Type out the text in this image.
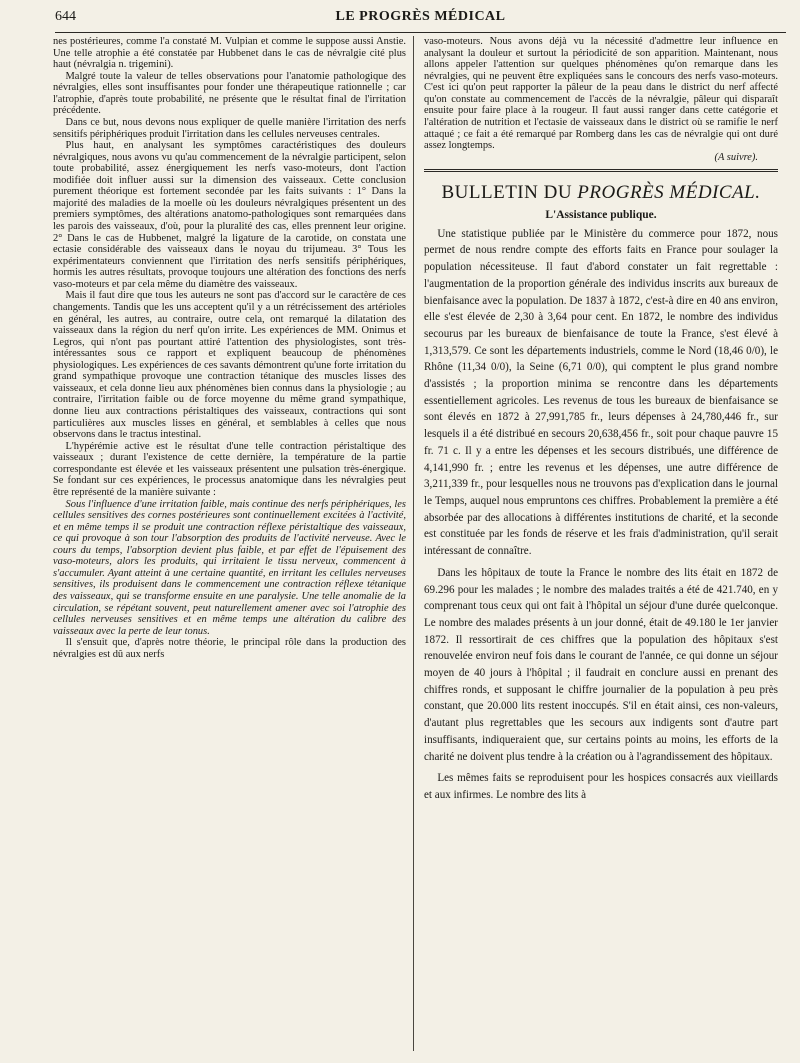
644	LE PROGRÈS MÉDICAL

nes postérieures, comme l'a constaté M. Vulpian et comme le suppose aussi Anstie. Une telle atrophie a été constatée par Hubbenet dans le cas de névralgie cité plus haut (névralgia n. trigemini).

Malgré toute la valeur de telles observations pour l'anatomie pathologique des névralgies, elles sont insuffisantes pour fonder une thérapeutique rationnelle ; car l'atrophie, d'après toute probabilité, ne présente que le résultat final de l'irritation précédente.

Dans ce but, nous devons nous expliquer de quelle manière l'irritation des nerfs sensitifs périphériques produit l'irritation dans les cellules nerveuses centrales.

Plus haut, en analysant les symptômes caractéristiques des douleurs névralgiques, nous avons vu qu'au commencement de la névralgie participent, selon toute probabilité, assez énergiquement les nerfs vaso-moteurs, dont l'action modifiée doit influer aussi sur la dimension des vaisseaux. Cette conclusion purement théorique est fortement secondée par les faits suivants : 1° Dans la majorité des maladies de la moelle où les douleurs névralgiques présentent un des premiers symptômes, des altérations anatomo-pathologiques sont remarquées dans les parois des vaisseaux, d'où, pour la pluralité des cas, elles prennent leur origine. 2° Dans le cas de Hubbenet, malgré la ligature de la carotide, on constata une ectasie considérable des vaisseaux dans le noyau du trijumeau. 3° Tous les expérimentateurs conviennent que l'irritation des nerfs sensitifs périphériques, hormis les autres résultats, provoque toujours une altération des fonctions des nerfs vaso-moteurs et par cela même du diamètre des vaisseaux.

Mais il faut dire que tous les auteurs ne sont pas d'accord sur le caractère de ces changements. Tandis que les uns acceptent qu'il y a un rétrécissement des artérioles en général, les autres, au contraire, outre cela, ont remarqué la dilatation des vaisseaux dans la région du nerf qu'on irrite. Les expériences de MM. Onimus et Legros, qui n'ont pas pourtant attiré l'attention des physiologistes, sont très-intéressantes sous ce rapport et expliquent beaucoup de phénomènes physiologiques. Les expériences de ces savants démontrent qu'une forte irritation du grand sympathique provoque une contraction tétanique des muscles lisses des vaisseaux, et cela donne lieu aux phénomènes bien connus dans la physiologie ; au contraire, l'irritation faible ou de force moyenne du même grand sympathique, donne lieu aux contractions péristaltiques des vaisseaux, contractions qui sont particulières aux muscles lisses en général, et semblables à celles que nous observons dans le tractus intestinal.

L'hypérémie active est le résultat d'une telle contraction péristaltique des vaisseaux ; durant l'existence de cette dernière, la température de la partie correspondante est élevée et les vaisseaux présentent une pulsation très-énergique. Se fondant sur ces expériences, le processus anatomique dans les névralgies peut être représenté de la manière suivante :

Sous l'influence d'une irritation faible, mais continue des nerfs périphériques, les cellules sensitives des cornes postérieures sont continuellement excitées à l'activité, et en même temps il se produit une contraction réflexe péristaltique des vaisseaux, ce qui provoque à son tour l'absorption des produits de l'activité nerveuse. Avec le cours du temps, l'absorption devient plus faible, et par effet de l'épuisement des vaso-moteurs, alors les produits, qui irritaient le tissu nerveux, commencent à s'accumuler. Ayant atteint à une certaine quantité, en irritant les cellules nerveuses sensitives, ils produisent dans le commencement une contraction réflexe tétanique des vaisseaux, qui se transforme ensuite en une paralysie. Une telle anomalie de la circulation, se répétant souvent, peut naturellement amener avec soi l'atrophie des cellules nerveuses sensitives et en même temps une altération du calibre des vaisseaux avec la perte de leur tonus.

Il s'ensuit que, d'après notre théorie, le principal rôle dans la production des névralgies est dû aux nerfs

vaso-moteurs. Nous avons déjà vu la nécessité d'admettre leur influence en analysant la douleur et surtout la périodicité de son apparition. Maintenant, nous allons appeler l'attention sur quelques phénomènes qu'on remarque dans les névralgies, qui ne peuvent être expliquées sans le concours des nerfs vaso-moteurs. C'est ici qu'on peut rapporter la pâleur de la peau dans le district du nerf affecté qu'on constate au commencement de l'accès de la névralgie, pâleur qui disparaît ensuite pour faire place à la rougeur. Il faut aussi ranger dans cette catégorie et l'altération de nutrition et l'ectasie de vaisseaux dans le district où se ramifie le nerf attaqué ; ce fait a été remarqué par Romberg dans les cas de névralgie qui ont duré assez longtemps.

(A suivre).
BULLETIN DU PROGRÈS MÉDICAL.
L'Assistance publique.

Une statistique publiée par le Ministère du commerce pour 1872, nous permet de nous rendre compte des efforts faits en France pour soulager la population nécessiteuse. Il faut d'abord constater un fait regrettable : l'augmentation de la proportion générale des individus inscrits aux bureaux de bienfaisance avec la population. De 1837 à 1872, c'est-à dire en 40 ans environ, elle s'est élevée de 2,30 à 3,64 pour cent. En 1872, le nombre des individus secourus par les bureaux de bienfaisance de toute la France, s'est élevé à 1,313,579. Ce sont les départements industriels, comme le Nord (18,46 0/0), le Rhône (11,34 0/0), la Seine (6,71 0/0), qui comptent le plus grand nombre d'assistés ; la proportion minima se rencontre dans les départements essentiellement agricoles. Les revenus de tous les bureaux de bienfaisance se sont élevés en 1872 à 27,991,785 fr., leurs dépenses à 24,780,446 fr., sur lesquels il a été distribué en secours 20,638,456 fr., soit pour chaque pauvre 15 fr. 71 c. Il y a entre les dépenses et les secours distribués, une différence de 4,141,990 fr. ; entre les revenus et les dépenses, une autre différence de 3,211,339 fr., pour lesquelles nous ne trouvons pas d'explication dans le journal le Temps, auquel nous empruntons ces chiffres. Probablement la première a été absorbée par des allocations à différentes institutions de charité, et la seconde est constituée par les fonds de réserve et les frais d'administration, qu'il serait intéressant de connaître.

Dans les hôpitaux de toute la France le nombre des lits était en 1872 de 69.296 pour les malades ; le nombre des malades traités a été de 421.740, en y comprenant tous ceux qui ont fait à l'hôpital un séjour d'une durée quelconque. Le nombre des malades présents à un jour donné, était de 49.180 le 1er janvier 1872. Il ressortirait de ces chiffres que la population des hôpitaux s'est renouvelée environ neuf fois dans le courant de l'année, ce qui donne un séjour moyen de 40 jours à l'hôpital ; il faudrait en conclure aussi en prenant des chiffres ronds, et supposant le chiffre journalier de la population à peu près constant, que 20.000 lits restent inoccupés. S'il en était ainsi, ces non-valeurs, d'autant plus regrettables que les secours aux indigents sont d'autre part insuffisants, indiqueraient que, sur certains points au moins, les efforts de la charité ne doivent plus tendre à la création ou à l'agrandissement des hôpitaux.

Les mêmes faits se reproduisent pour les hospices consacrés aux vieillards et aux infirmes. Le nombre des lits à
